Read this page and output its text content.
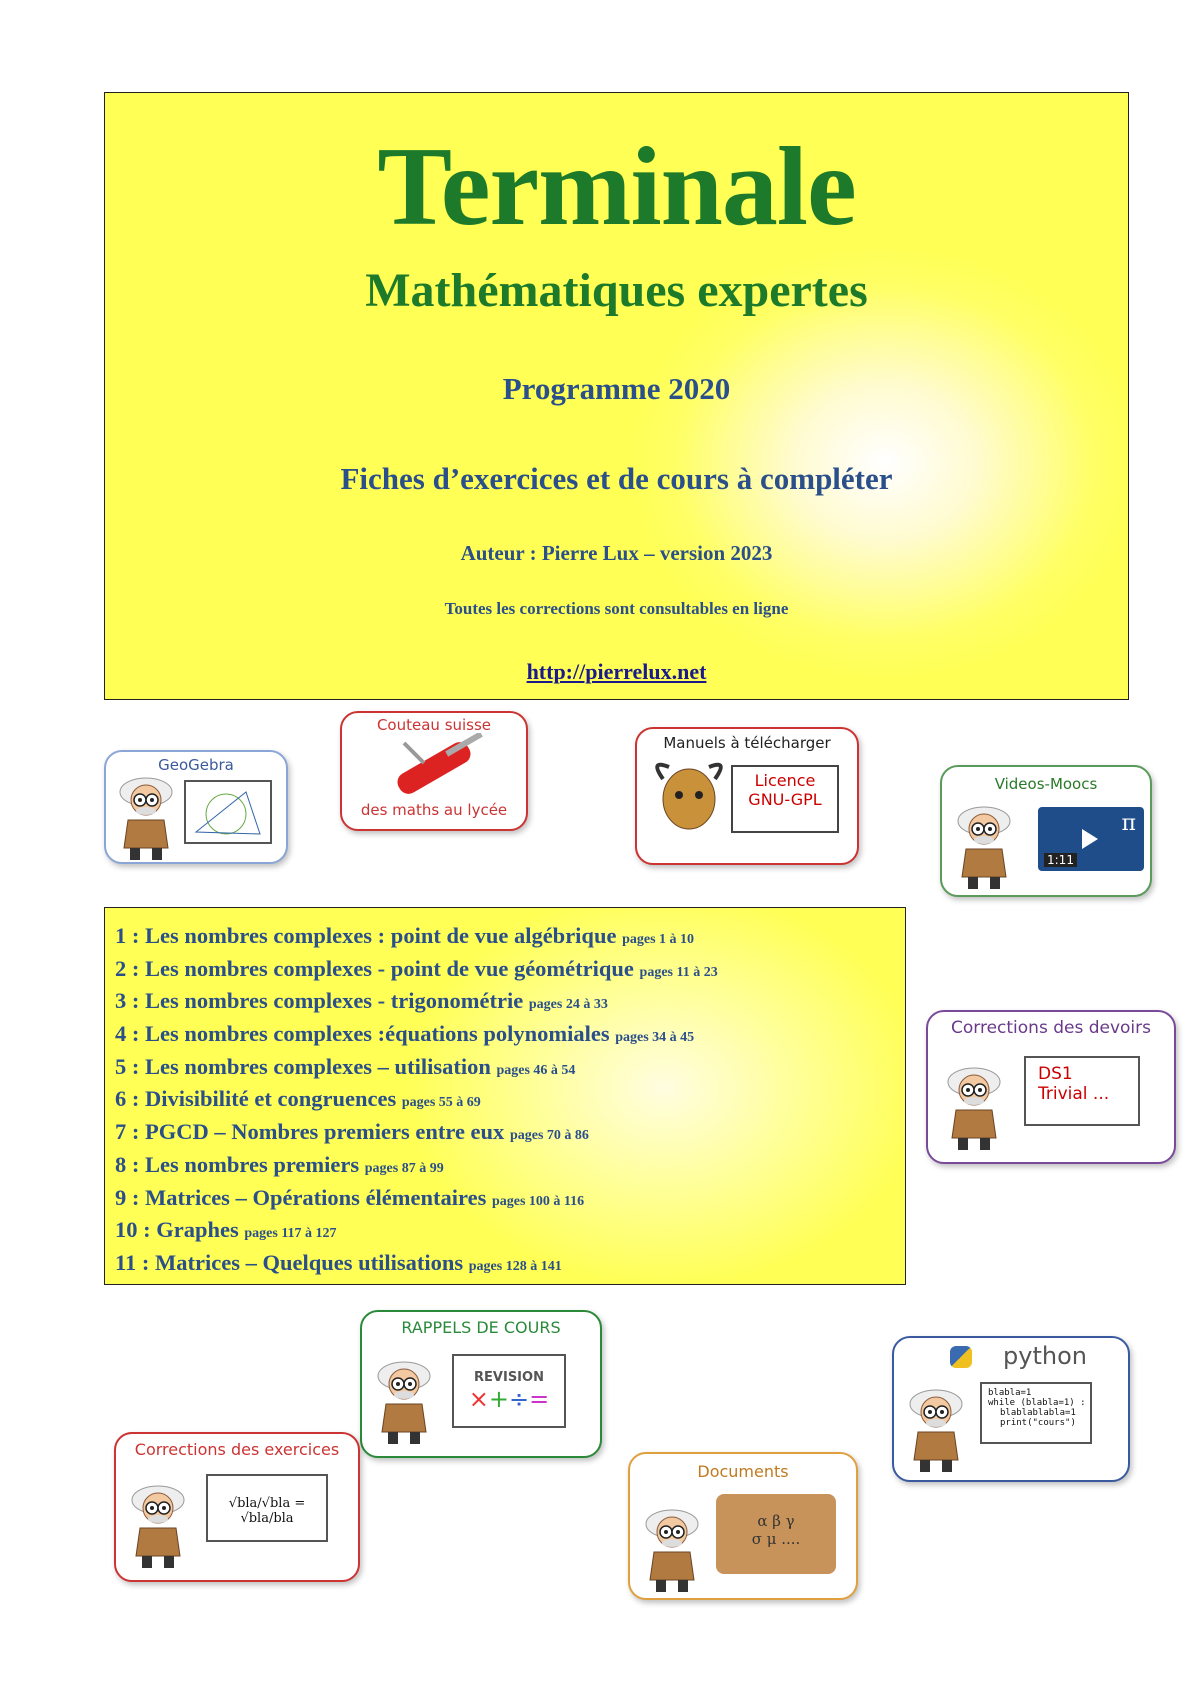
Terminale
Mathématiques expertes
Programme 2020
Fiches d’exercices et de cours à compléter
Auteur : Pierre Lux – version 2023
Toutes les corrections sont consultables en ligne
http://pierrelux.net
GeoGebra
Couteau suisse
des maths au lycée
Manuels à télécharger
Licence
GNU-GPL
Videos-Moocs
π
1:11
Corrections des devoirs
DS1
Trivial ...
1 : Les nombres complexes : point de vue algébrique pages 1 à 10
2 : Les nombres complexes - point de vue géométrique pages 11 à 23
3 : Les nombres complexes - trigonométrie pages 24 à 33
4 : Les nombres complexes :équations polynomiales pages 34 à 45
5 : Les nombres complexes – utilisation pages 46 à 54
6 : Divisibilité et congruences pages 55 à 69
7 : PGCD – Nombres premiers entre eux pages 70 à 86
8 : Les nombres premiers pages 87 à 99
9 : Matrices – Opérations élémentaires pages 100 à 116
10 : Graphes pages 117 à 127
11 : Matrices – Quelques utilisations pages 128 à 141
RAPPELS DE COURS
REVISION
×+÷=
python
blabla=1
while (blabla=1) :
blablablabla=1
print("cours")
Corrections des exercices
√bla/√bla = √bla/bla
Documents
α β γ
σ μ ....
